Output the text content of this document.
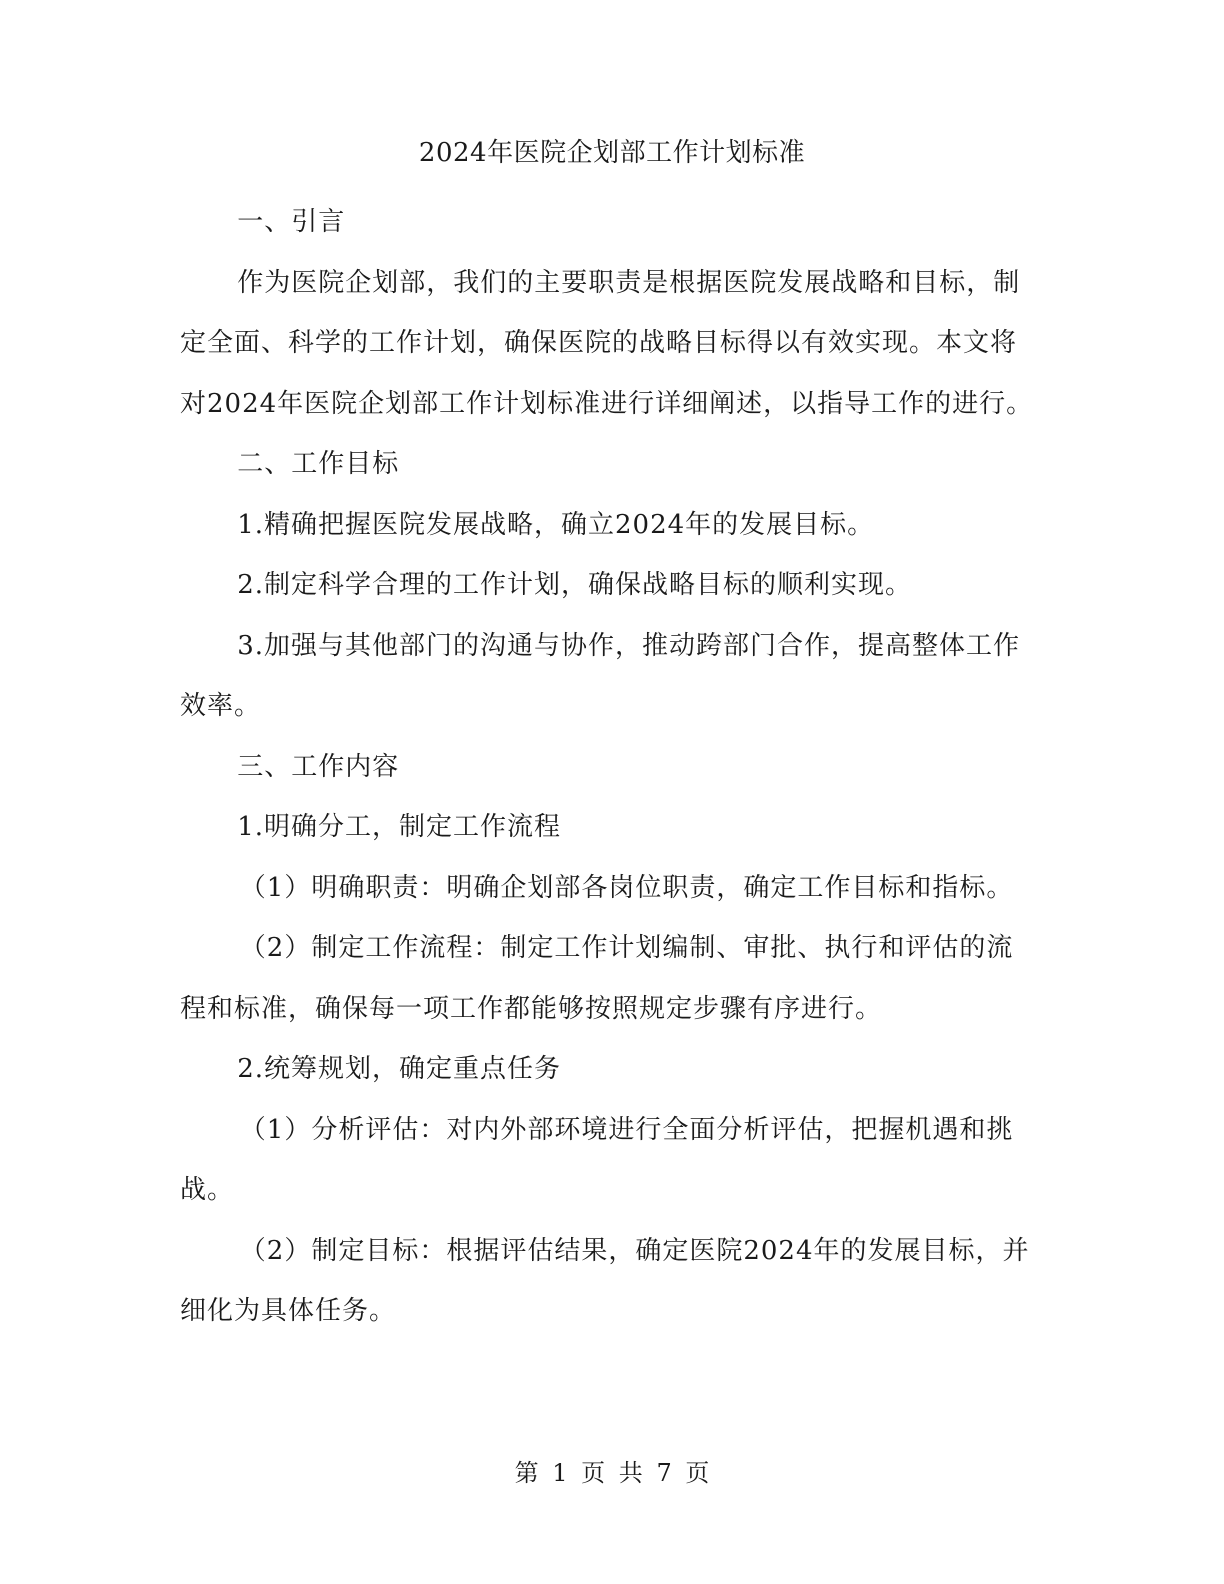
2024年医院企划部工作计划标准

一、引言

作为医院企划部，我们的主要职责是根据医院发展战略和目标，制定全面、科学的工作计划，确保医院的战略目标得以有效实现。本文将对2024年医院企划部工作计划标准进行详细阐述，以指导工作的进行。

二、工作目标

1.精确把握医院发展战略，确立2024年的发展目标。

2.制定科学合理的工作计划，确保战略目标的顺利实现。

3.加强与其他部门的沟通与协作，推动跨部门合作，提高整体工作效率。

三、工作内容

1.明确分工，制定工作流程

（1）明确职责：明确企划部各岗位职责，确定工作目标和指标。

（2）制定工作流程：制定工作计划编制、审批、执行和评估的流程和标准，确保每一项工作都能够按照规定步骤有序进行。

2.统筹规划，确定重点任务

（1）分析评估：对内外部环境进行全面分析评估，把握机遇和挑战。

（2）制定目标：根据评估结果，确定医院2024年的发展目标，并细化为具体任务。

第 1 页 共 7 页
